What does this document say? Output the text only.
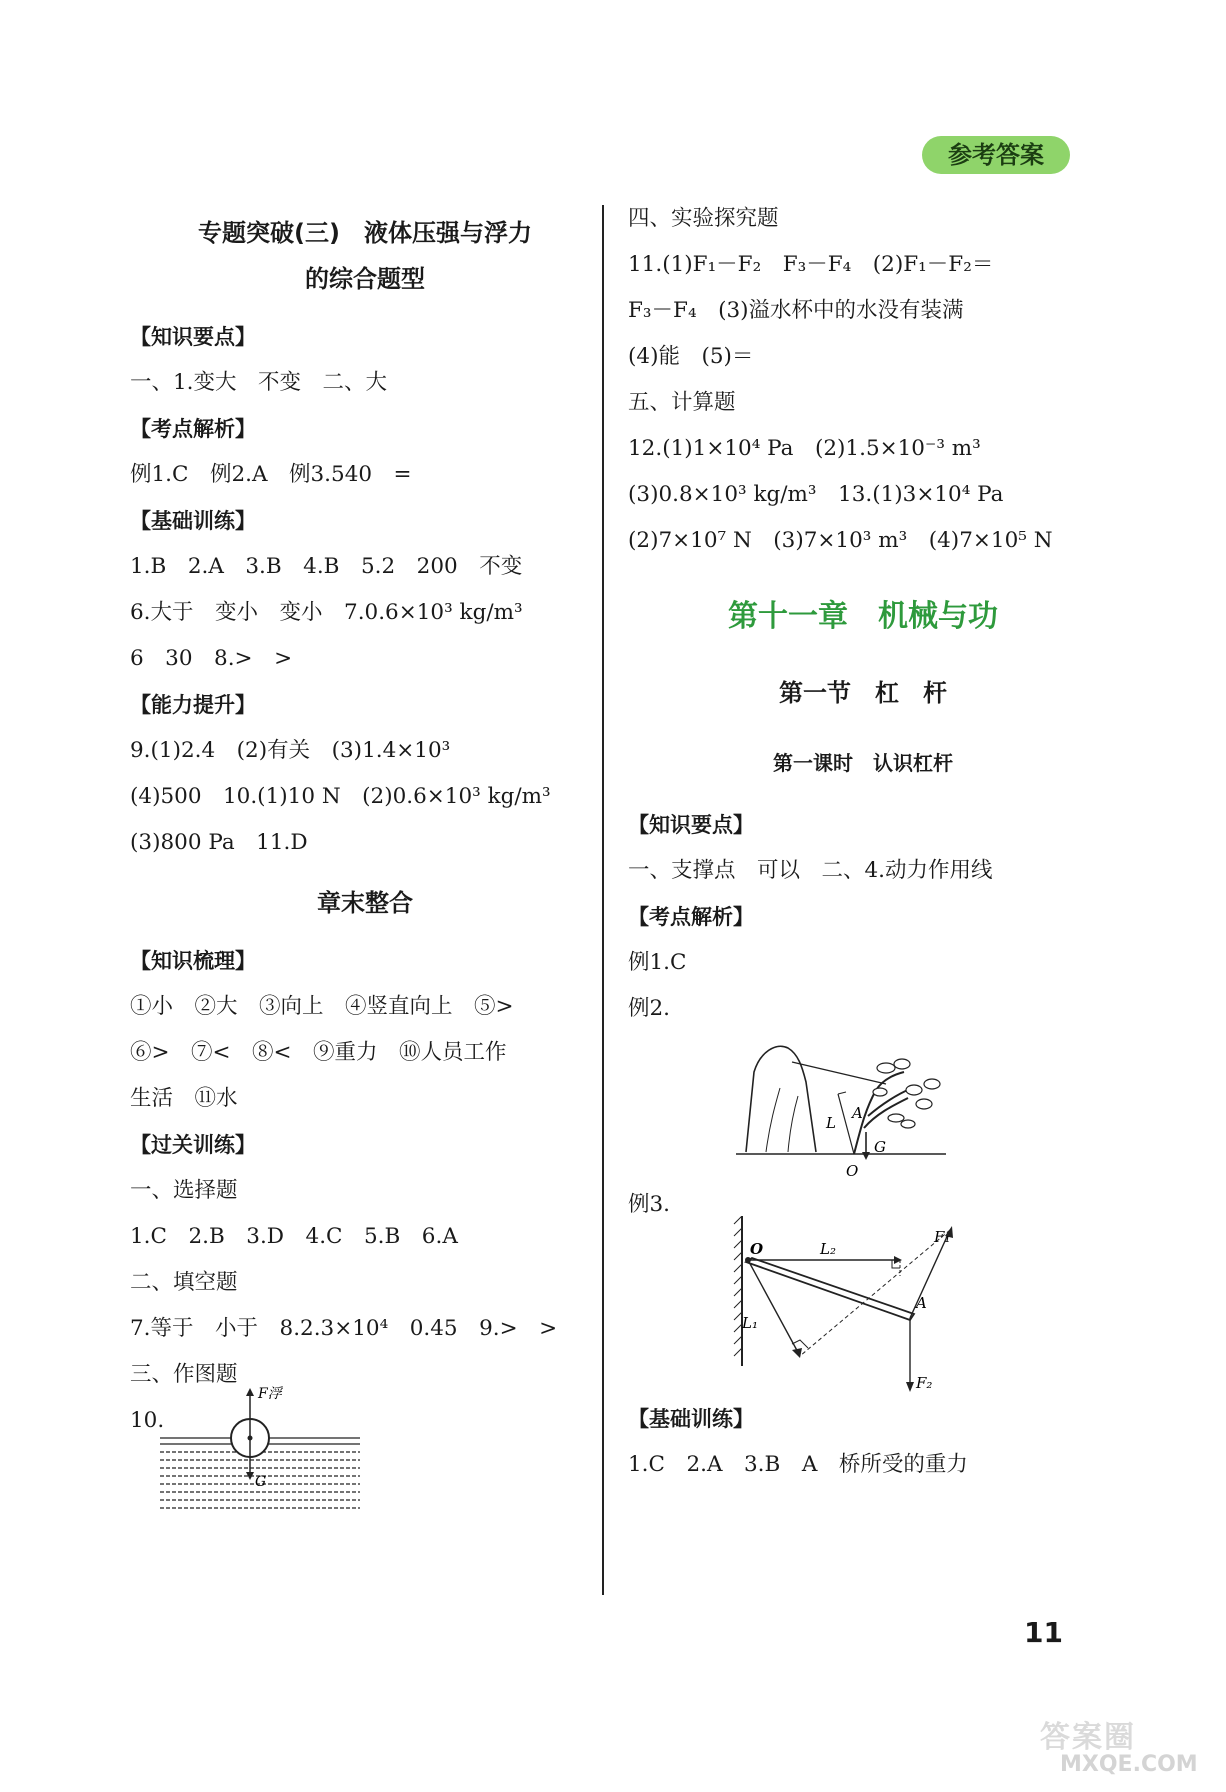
参考答案
专题突破(三)　液体压强与浮力
的综合题型
【知识要点】
一、1.变大　不变　二、大
【考点解析】
例1.C　例2.A　例3.540　=
【基础训练】
1.B　2.A　3.B　4.B　5.2　200　不变
6.大于　变小　变小　7.0.6×10³ kg/m³
6　30　8.>　>
【能力提升】
9.(1)2.4　(2)有关　(3)1.4×10³
(4)500　10.(1)10 N　(2)0.6×10³ kg/m³
(3)800 Pa　11.D
章末整合
【知识梳理】
①小　②大　③向上　④竖直向上　⑤>
⑥>　⑦<　⑧<　⑨重力　⑩人员工作
生活　⑪水
【过关训练】
一、选择题
1.C　2.B　3.D　4.C　5.B　6.A
二、填空题
7.等于　小于　8.2.3×10⁴　0.45　9.>　>
三、作图题
10.
F浮
G
四、实验探究题
11.(1)F₁－F₂　F₃－F₄　(2)F₁－F₂＝
F₃－F₄　(3)溢水杯中的水没有装满
(4)能　(5)＝
五、计算题
12.(1)1×10⁴ Pa　(2)1.5×10⁻³ m³
(3)0.8×10³ kg/m³　13.(1)3×10⁴ Pa
(2)7×10⁷ N　(3)7×10³ m³　(4)7×10⁵ N
第十一章　机械与功
第一节　杠　杆
第一课时　认识杠杆
【知识要点】
一、支撑点　可以　二、4.动力作用线
【考点解析】
例1.C
例2.
L
A
G
O
例3.
O	L₂
F₁
A
L₁
F₂
【基础训练】
1.C　2.A　3.B　A　桥所受的重力
11
答案圈
MXQE.COM
